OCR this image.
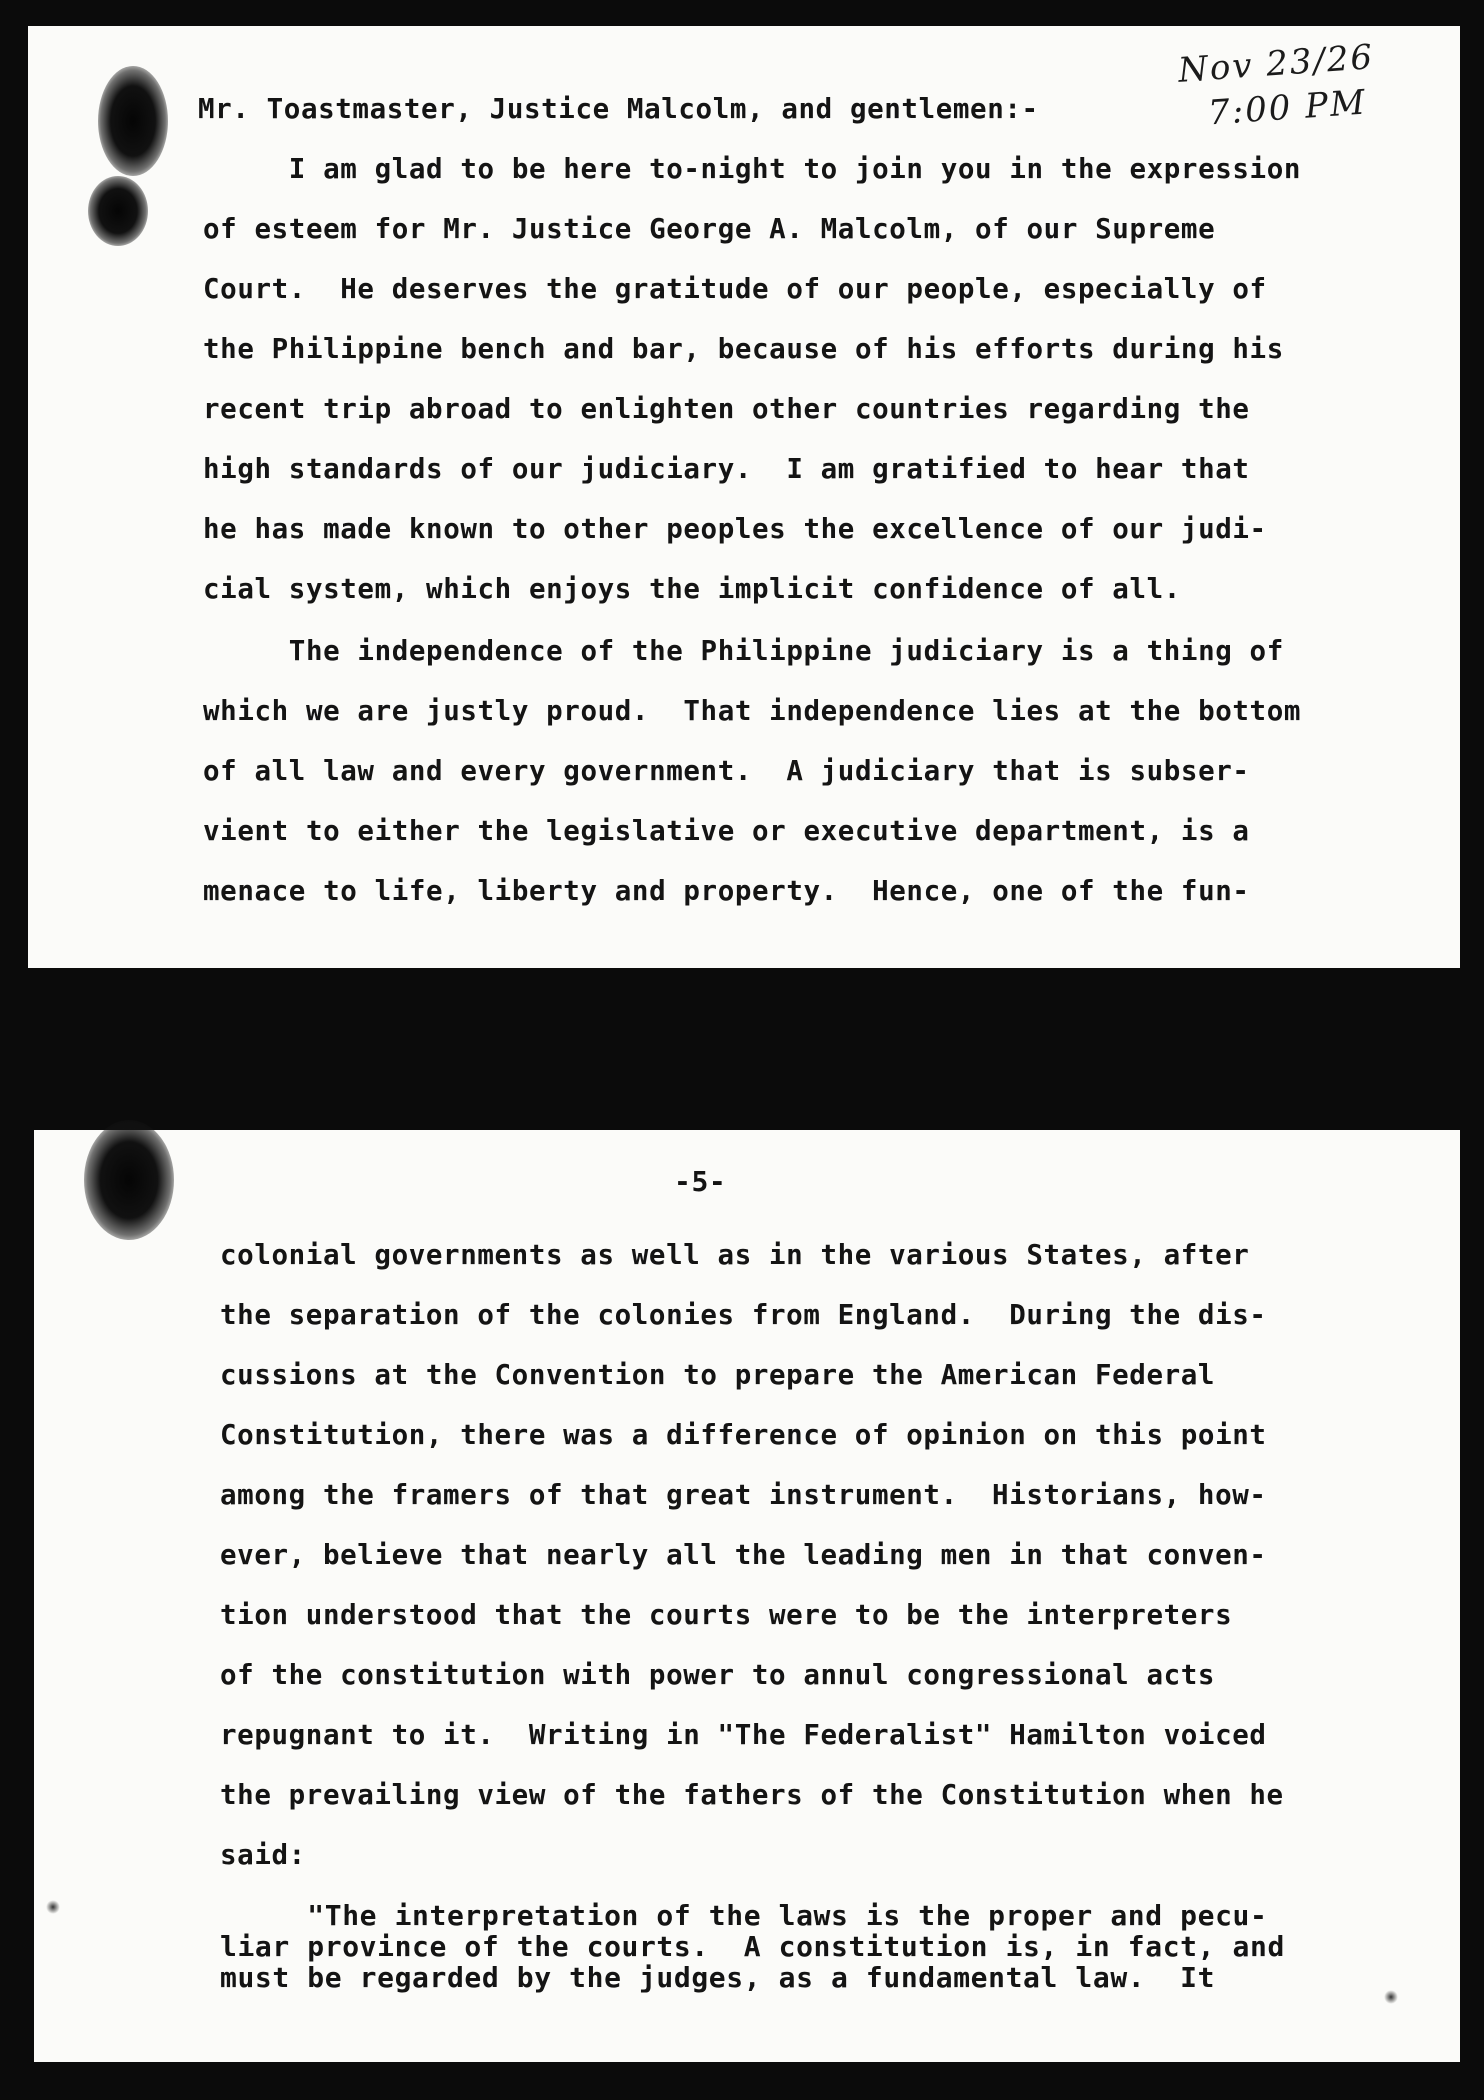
Nov 23/26
7:00 PM
Mr. Toastmaster, Justice Malcolm, and gentlemen:-
I am glad to be here to-night to join you in the expression
of esteem for Mr. Justice George A. Malcolm, of our Supreme
Court.  He deserves the gratitude of our people, especially of
the Philippine bench and bar, because of his efforts during his
recent trip abroad to enlighten other countries regarding the
high standards of our judiciary.  I am gratified to hear that
he has made known to other peoples the excellence of our judi-
cial system, which enjoys the implicit confidence of all.
The independence of the Philippine judiciary is a thing of
which we are justly proud.  That independence lies at the bottom
of all law and every government.  A judiciary that is subser-
vient to either the legislative or executive department, is a
menace to life, liberty and property.  Hence, one of the fun-
-5-
colonial governments as well as in the various States, after
the separation of the colonies from England.  During the dis-
cussions at the Convention to prepare the American Federal
Constitution, there was a difference of opinion on this point
among the framers of that great instrument.  Historians, how-
ever, believe that nearly all the leading men in that conven-
tion understood that the courts were to be the interpreters
of the constitution with power to annul congressional acts
repugnant to it.  Writing in "The Federalist" Hamilton voiced
the prevailing view of the fathers of the Constitution when he
said:
"The interpretation of the laws is the proper and pecu-
liar province of the courts.  A constitution is, in fact, and
must be regarded by the judges, as a fundamental law.  It
